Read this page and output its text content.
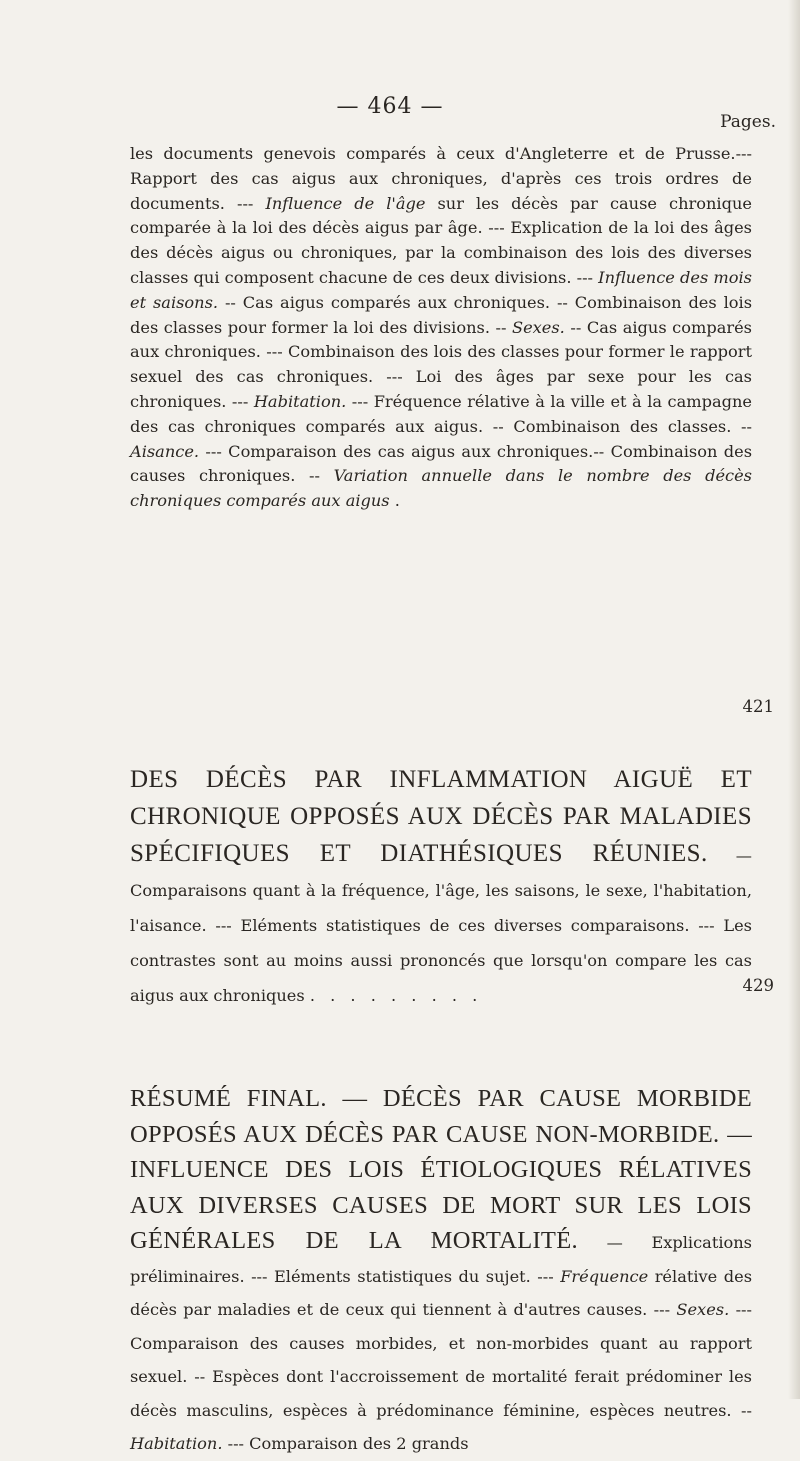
— 464 —
Pages.

les documents genevois comparés à ceux d'Angleterre et de Prusse.--- Rapport des cas aigus aux chroniques, d'après ces trois ordres de documents. --- Influence de l'âge sur les décès par cause chronique comparée à la loi des décès aigus par âge. --- Explication de la loi des âges des décès aigus ou chroniques, par la combinaison des lois des diverses classes qui composent chacune de ces deux divisions. --- Influence des mois et saisons. -- Cas aigus comparés aux chroniques. -- Combinaison des lois des classes pour former la loi des divisions. -- Sexes. -- Cas aigus comparés aux chroniques. --- Combinaison des lois des classes pour former le rapport sexuel des cas chroniques. --- Loi des âges par sexe pour les cas chroniques. --- Habitation. --- Fréquence rélative à la ville et à la campagne des cas chroniques comparés aux aigus. -- Combinaison des classes. -- Aisance. --- Comparaison des cas aigus aux chroniques.-- Combinaison des causes chroniques. -- Variation annuelle dans le nombre des décès chroniques comparés aux aigus .

421

DES DÉCÈS PAR INFLAMMATION AIGUË ET CHRONIQUE OPPOSÉS AUX DÉCÈS PAR MALADIES SPÉCIFIQUES ET DIATHÉSIQUES RÉUNIES. — Comparaisons quant à la fréquence, l'âge, les saisons, le sexe, l'habitation, l'aisance. --- Eléments statistiques de ces diverses comparaisons. --- Les contrastes sont au moins aussi prononcés que lorsqu'on compare les cas aigus aux chroniques . . . . . . . . .

429

RÉSUMÉ FINAL. — DÉCÈS PAR CAUSE MORBIDE OPPOSÉS AUX DÉCÈS PAR CAUSE NON-MORBIDE. — INFLUENCE DES LOIS ÉTIOLOGIQUES RÉLATIVES AUX DIVERSES CAUSES DE MORT SUR LES LOIS GÉNÉRALES DE LA MORTALITÉ. — Explications préliminaires. --- Eléments statistiques du sujet. --- Fréquence rélative des décès par maladies et de ceux qui tiennent à d'autres causes. --- Sexes. --- Comparaison des causes morbides, et non-morbides quant au rapport sexuel. -- Espèces dont l'accroissement de mortalité ferait prédominer les décès masculins, espèces à prédominance féminine, espèces neutres. -- Habitation. --- Comparaison des 2 grands
